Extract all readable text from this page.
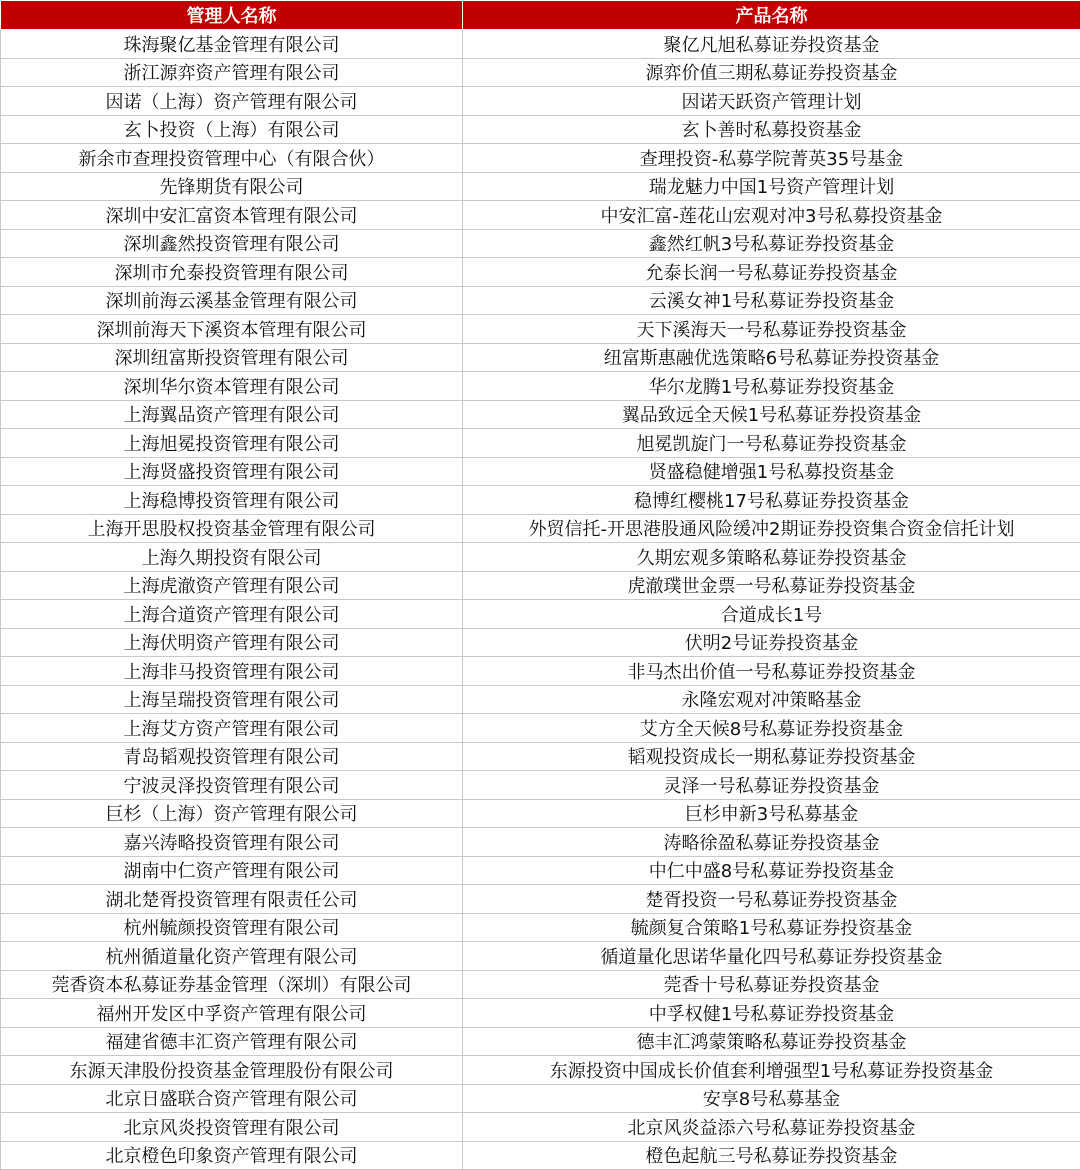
管理人名称	产品名称
珠海聚亿基金管理有限公司	聚亿凡旭私募证券投资基金
浙江源弈资产管理有限公司	源弈价值三期私募证券投资基金
因诺（上海）资产管理有限公司	因诺天跃资产管理计划
玄卜投资（上海）有限公司	玄卜善时私募投资基金
新余市查理投资管理中心（有限合伙）	查理投资-私募学院菁英35号基金
先锋期货有限公司	瑞龙魅力中国1号资产管理计划
深圳中安汇富资本管理有限公司	中安汇富-莲花山宏观对冲3号私募投资基金
深圳鑫然投资管理有限公司	鑫然红帆3号私募证券投资基金
深圳市允泰投资管理有限公司	允泰长润一号私募证券投资基金
深圳前海云溪基金管理有限公司	云溪女神1号私募证券投资基金
深圳前海天下溪资本管理有限公司	天下溪海天一号私募证券投资基金
深圳纽富斯投资管理有限公司	纽富斯惠融优选策略6号私募证券投资基金
深圳华尔资本管理有限公司	华尔龙腾1号私募证券投资基金
上海翼品资产管理有限公司	翼品致远全天候1号私募证券投资基金
上海旭冕投资管理有限公司	旭冕凯旋门一号私募证券投资基金
上海贤盛投资管理有限公司	贤盛稳健增强1号私募投资基金
上海稳博投资管理有限公司	稳博红樱桃17号私募证券投资基金
上海开思股权投资基金管理有限公司	外贸信托-开思港股通风险缓冲2期证券投资集合资金信托计划
上海久期投资有限公司	久期宏观多策略私募证券投资基金
上海虎澈资产管理有限公司	虎澈璞世金票一号私募证券投资基金
上海合道资产管理有限公司	合道成长1号
上海伏明资产管理有限公司	伏明2号证券投资基金
上海非马投资管理有限公司	非马杰出价值一号私募证券投资基金
上海呈瑞投资管理有限公司	永隆宏观对冲策略基金
上海艾方资产管理有限公司	艾方全天候8号私募证券投资基金
青岛韬观投资管理有限公司	韬观投资成长一期私募证券投资基金
宁波灵泽投资管理有限公司	灵泽一号私募证券投资基金
巨杉（上海）资产管理有限公司	巨杉申新3号私募基金
嘉兴涛略投资管理有限公司	涛略徐盈私募证券投资基金
湖南中仁资产管理有限公司	中仁中盛8号私募证券投资基金
湖北楚胥投资管理有限责任公司	楚胥投资一号私募证券投资基金
杭州毓颜投资管理有限公司	毓颜复合策略1号私募证券投资基金
杭州循道量化资产管理有限公司	循道量化思诺华量化四号私募证券投资基金
莞香资本私募证券基金管理（深圳）有限公司	莞香十号私募证券投资基金
福州开发区中孚资产管理有限公司	中孚权健1号私募证券投资基金
福建省德丰汇资产管理有限公司	德丰汇鸿蒙策略私募证券投资基金
东源天津股份投资基金管理股份有限公司	东源投资中国成长价值套利增强型1号私募证券投资基金
北京日盛联合资产管理有限公司	安享8号私募基金
北京风炎投资管理有限公司	北京风炎益添六号私募证券投资基金
北京橙色印象资产管理有限公司	橙色起航三号私募证券投资基金
